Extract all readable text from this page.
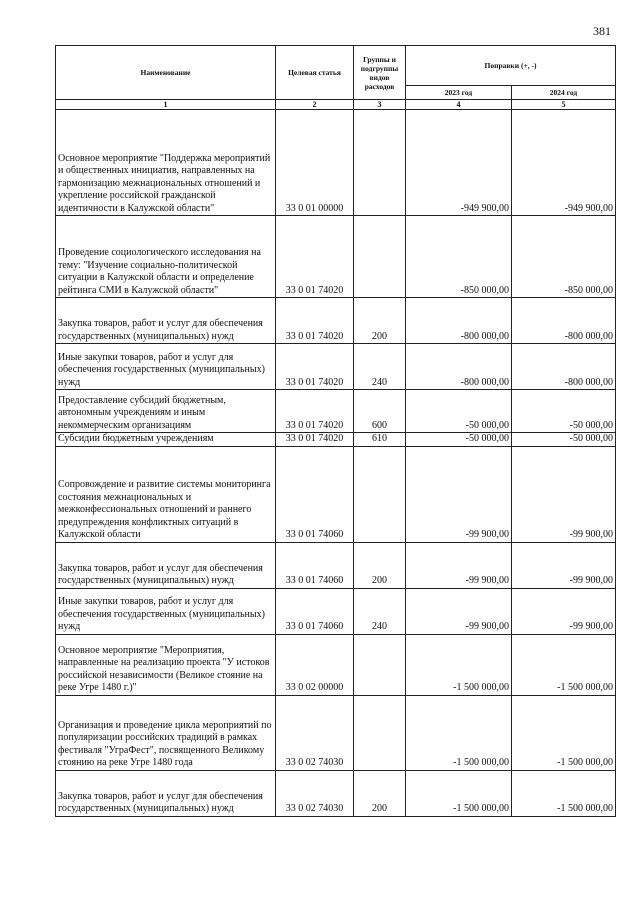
381
Наименование	Целевая статья	Группы и подгруппы видов расходов	Поправки (+, -)	
			2023 год	2024 год
1	2	3	4	5
Основное мероприятие "Поддержка мероприятий и общественных инициатив, направленных на гармонизацию межнациональных отношений и укрепление российской гражданской идентичности в Калужской области"	33 0 01 00000		-949 900,00	-949 900,00
Проведение социологического исследования на тему: "Изучение социально-политической ситуации в Калужской области и определение рейтинга СМИ в Калужской области"	33 0 01 74020		-850 000,00	-850 000,00
Закупка товаров, работ и услуг для обеспечения государственных (муниципальных) нужд	33 0 01 74020	200	-800 000,00	-800 000,00
Иные закупки товаров, работ и услуг для обеспечения государственных (муниципальных) нужд	33 0 01 74020	240	-800 000,00	-800 000,00
Предоставление субсидий бюджетным, автономным учреждениям и иным некоммерческим организациям	33 0 01 74020	600	-50 000,00	-50 000,00
Субсидии бюджетным учреждениям	33 0 01 74020	610	-50 000,00	-50 000,00
Сопровождение и развитие системы мониторинга состояния межнациональных и межконфессиональных отношений и раннего предупреждения конфликтных ситуаций в Калужской области	33 0 01 74060		-99 900,00	-99 900,00
Закупка товаров, работ и услуг для обеспечения государственных (муниципальных) нужд	33 0 01 74060	200	-99 900,00	-99 900,00
Иные закупки товаров, работ и услуг для обеспечения государственных (муниципальных) нужд	33 0 01 74060	240	-99 900,00	-99 900,00
Основное мероприятие "Мероприятия, направленные на реализацию проекта "У истоков российской независимости (Великое стояние на реке Угре 1480 г.)"	33 0 02 00000		-1 500 000,00	-1 500 000,00
Организация и проведение цикла мероприятий по популяризации российских традиций в рамках фестиваля "УграФест", посвященного Великому стоянию на реке Угре 1480 года	33 0 02 74030		-1 500 000,00	-1 500 000,00
Закупка товаров, работ и услуг для обеспечения государственных (муниципальных) нужд	33 0 02 74030	200	-1 500 000,00	-1 500 000,00
